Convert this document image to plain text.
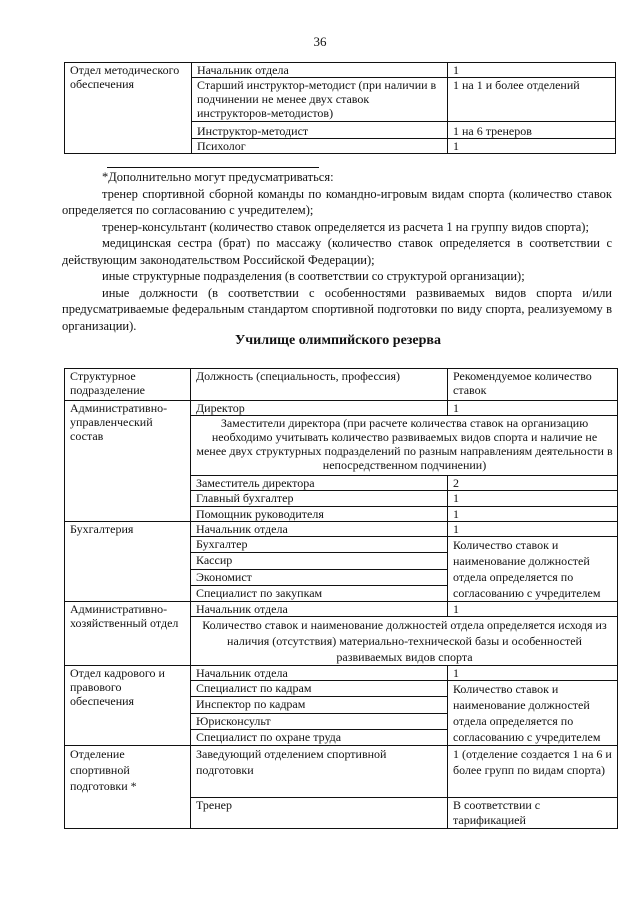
36
Отдел методического обеспечения	Начальник отдела	1
	Старший инструктор-методист (при наличии в подчинении не менее двух ставок инструкторов-методистов)	1 на 1 и более отделений
	Инструктор-методист	1 на 6 тренеров
	Психолог	1

*Дополнительно могут предусматриваться:

тренер спортивной сборной команды по командно-игровым видам спорта (количество ставок определяется по согласованию с учредителем);

тренер-консультант (количество ставок определяется из расчета 1 на группу видов спорта);

медицинская сестра (брат) по массажу (количество ставок определяется в соответствии с действующим законодательством Российской Федерации);

иные структурные подразделения (в соответствии со структурой организации);

иные должности (в соответствии с особенностями развиваемых видов спорта и/или предусматриваемые федеральным стандартом спортивной подготовки по виду спорта, реализуемому в организации).

Училище олимпийского резерва
Структурное подразделение	Должность (специальность, профессия)	Рекомендуемое количество ставок
Административно-управленческий состав	Директор	1
	Заместители директора (при расчете количества ставок на организацию необходимо учитывать количество развиваемых видов спорта и наличие не менее двух структурных подразделений по разным направлениям деятельности в непосредственном подчинении)	
	Заместитель директора	2
	Главный бухгалтер	1
	Помощник руководителя	1
Бухгалтерия	Начальник отдела	1
	Бухгалтер	Количество ставок и наименование должностей отдела определяется по согласованию с учредителем
	Кассир	
	Экономист	
	Специалист по закупкам	
Административно-хозяйственный отдел	Начальник отдела	1
	Количество ставок и наименование должностей отдела определяется исходя из наличия (отсутствия) материально-технической базы и особенностей развиваемых видов спорта	
Отдел кадрового и правового обеспечения	Начальник отдела	1
	Специалист по кадрам	Количество ставок и наименование должностей отдела определяется по согласованию с учредителем
	Инспектор по кадрам	
	Юрисконсульт	
	Специалист по охране труда	
Отделение спортивной подготовки *	Заведующий отделением спортивной подготовки	1 (отделение создается 1 на 6 и более групп по видам спорта)
	Тренер	В соответствии с тарификацией
